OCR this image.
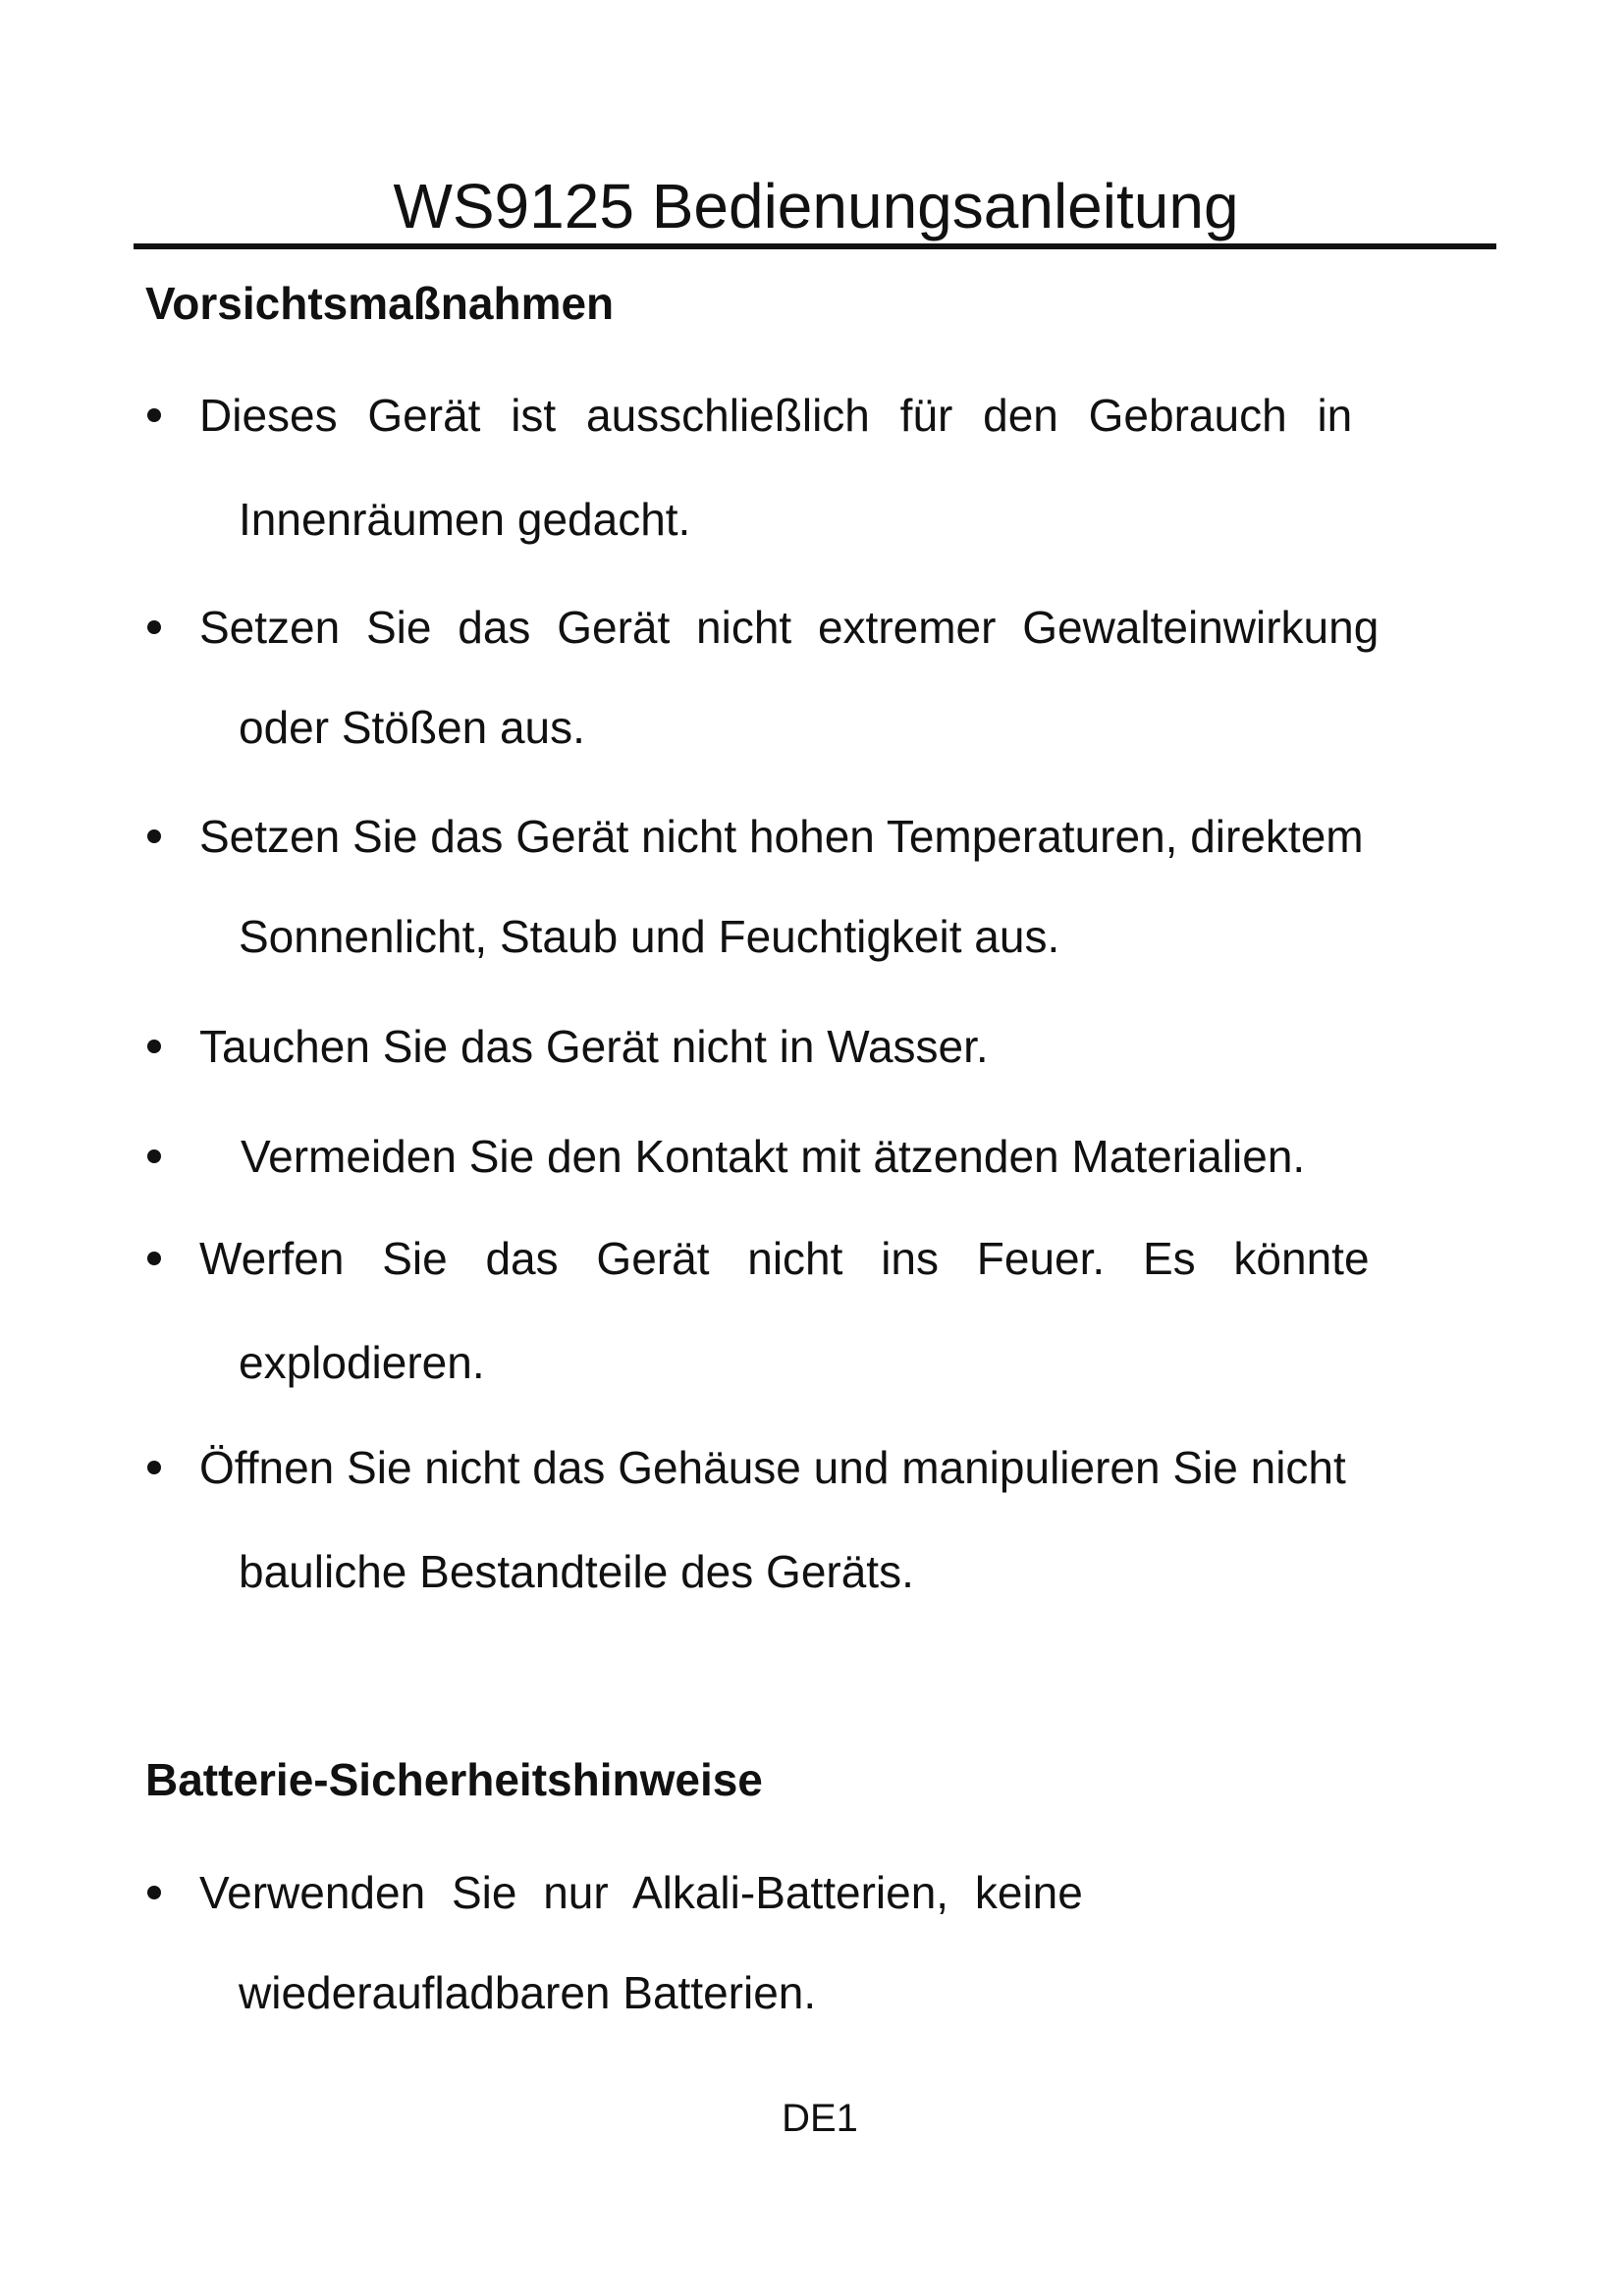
WS9125 Bedienungsanleitung
Vorsichtsmaßnahmen
Dieses Gerät ist ausschließlich für den Gebrauch in
Innenräumen gedacht.
Setzen Sie das Gerät nicht extremer Gewalteinwirkung
oder Stößen aus.
Setzen Sie das Gerät nicht hohen Temperaturen, direktem
Sonnenlicht, Staub und Feuchtigkeit aus.
Tauchen Sie das Gerät nicht in Wasser.
Vermeiden Sie den Kontakt mit ätzenden Materialien.
Werfen Sie das Gerät nicht ins Feuer. Es könnte
explodieren.
Öffnen Sie nicht das Gehäuse und manipulieren Sie nicht
bauliche Bestandteile des Geräts.
Batterie-Sicherheitshinweise
Verwenden Sie nur Alkali-Batterien, keine
wiederaufladbaren Batterien.
DE1
